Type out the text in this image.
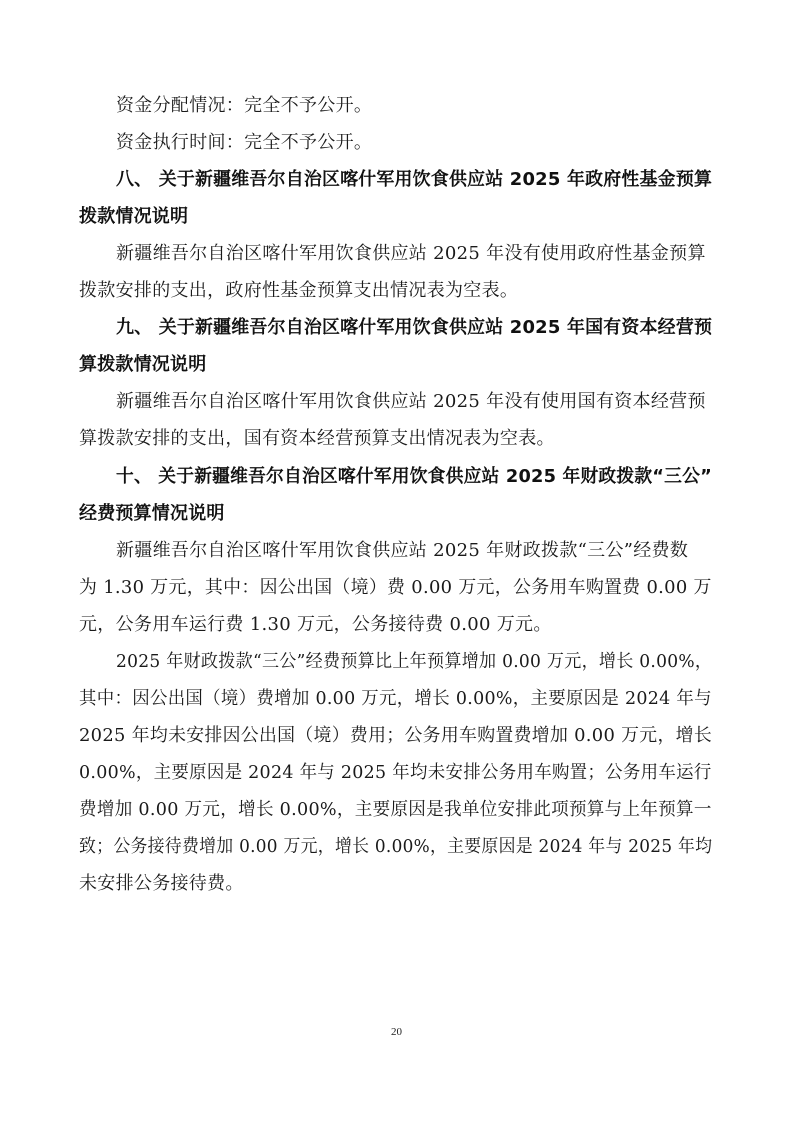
资金分配情况：完全不予公开。
资金执行时间：完全不予公开。
八、 关于新疆维吾尔自治区喀什军用饮食供应站 2025 年政府性基金预算
拨款情况说明
新疆维吾尔自治区喀什军用饮食供应站 2025 年没有使用政府性基金预算
拨款安排的支出，政府性基金预算支出情况表为空表。
九、 关于新疆维吾尔自治区喀什军用饮食供应站 2025 年国有资本经营预
算拨款情况说明
新疆维吾尔自治区喀什军用饮食供应站 2025 年没有使用国有资本经营预
算拨款安排的支出，国有资本经营预算支出情况表为空表。
十、 关于新疆维吾尔自治区喀什军用饮食供应站 2025 年财政拨款“三公”
经费预算情况说明
新疆维吾尔自治区喀什军用饮食供应站 2025 年财政拨款“三公”经费数
为 1.30 万元，其中：因公出国（境）费 0.00 万元，公务用车购置费 0.00 万
元，公务用车运行费 1.30 万元，公务接待费 0.00 万元。
2025 年财政拨款“三公”经费预算比上年预算增加 0.00 万元，增长 0.00%，
其中：因公出国（境）费增加 0.00 万元，增长 0.00%，主要原因是 2024 年与
2025 年均未安排因公出国（境）费用；公务用车购置费增加 0.00 万元，增长
0.00%，主要原因是 2024 年与 2025 年均未安排公务用车购置；公务用车运行
费增加 0.00 万元，增长 0.00%，主要原因是我单位安排此项预算与上年预算一
致；公务接待费增加 0.00 万元，增长 0.00%，主要原因是 2024 年与 2025 年均
未安排公务接待费。
20
